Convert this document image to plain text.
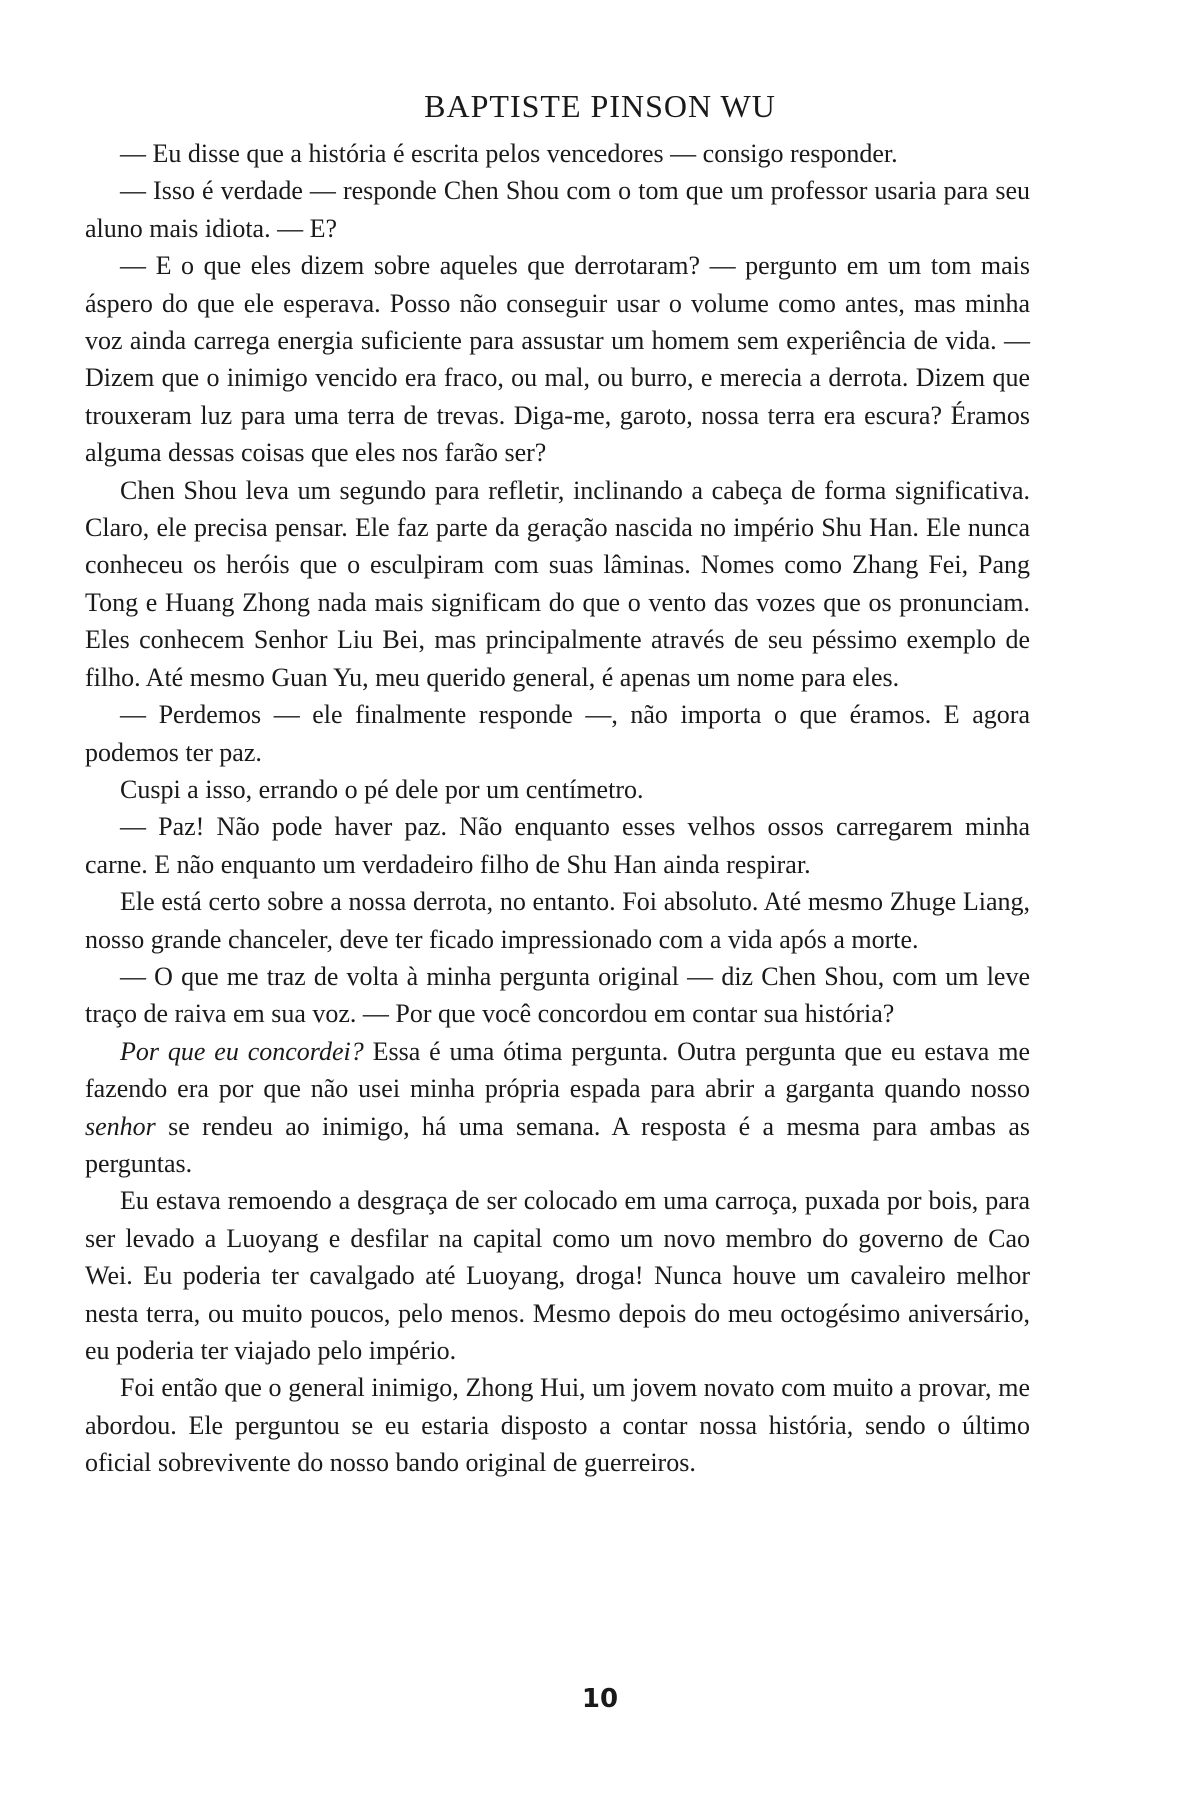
BAPTISTE PINSON WU

— Eu disse que a história é escrita pelos vencedores — consigo responder.

— Isso é verdade — responde Chen Shou com o tom que um professor usaria para seu aluno mais idiota. — E?

— E o que eles dizem sobre aqueles que derrotaram? — pergunto em um tom mais áspero do que ele esperava. Posso não conseguir usar o volume como antes, mas minha voz ainda carrega energia suficiente para assustar um homem sem experiência de vida. — Dizem que o inimigo vencido era fraco, ou mal, ou burro, e merecia a derrota. Dizem que trouxeram luz para uma terra de trevas. Diga-me, garoto, nossa terra era escura? Éramos alguma dessas coisas que eles nos farão ser?

Chen Shou leva um segundo para refletir, inclinando a cabeça de forma significativa. Claro, ele precisa pensar. Ele faz parte da geração nascida no império Shu Han. Ele nunca conheceu os heróis que o esculpiram com suas lâminas. Nomes como Zhang Fei, Pang Tong e Huang Zhong nada mais significam do que o vento das vozes que os pronunciam. Eles conhecem Senhor Liu Bei, mas principalmente através de seu péssimo exemplo de filho. Até mesmo Guan Yu, meu querido general, é apenas um nome para eles.

— Perdemos — ele finalmente responde —, não importa o que éramos. E agora podemos ter paz.

Cuspi a isso, errando o pé dele por um centímetro.

— Paz! Não pode haver paz. Não enquanto esses velhos ossos carregarem minha carne. E não enquanto um verdadeiro filho de Shu Han ainda respirar.

Ele está certo sobre a nossa derrota, no entanto. Foi absoluto. Até mesmo Zhuge Liang, nosso grande chanceler, deve ter ficado impressionado com a vida após a morte.

— O que me traz de volta à minha pergunta original — diz Chen Shou, com um leve traço de raiva em sua voz. — Por que você concordou em contar sua história?

Por que eu concordei? Essa é uma ótima pergunta. Outra pergunta que eu estava me fazendo era por que não usei minha própria espada para abrir a garganta quando nosso senhor se rendeu ao inimigo, há uma semana. A resposta é a mesma para ambas as perguntas.

Eu estava remoendo a desgraça de ser colocado em uma carroça, puxada por bois, para ser levado a Luoyang e desfilar na capital como um novo membro do governo de Cao Wei. Eu poderia ter cavalgado até Luoyang, droga! Nunca houve um cavaleiro melhor nesta terra, ou muito poucos, pelo menos. Mesmo depois do meu octogésimo aniversário, eu poderia ter viajado pelo império.

Foi então que o general inimigo, Zhong Hui, um jovem novato com muito a provar, me abordou. Ele perguntou se eu estaria disposto a contar nossa história, sendo o último oficial sobrevivente do nosso bando original de guerreiros.

10
